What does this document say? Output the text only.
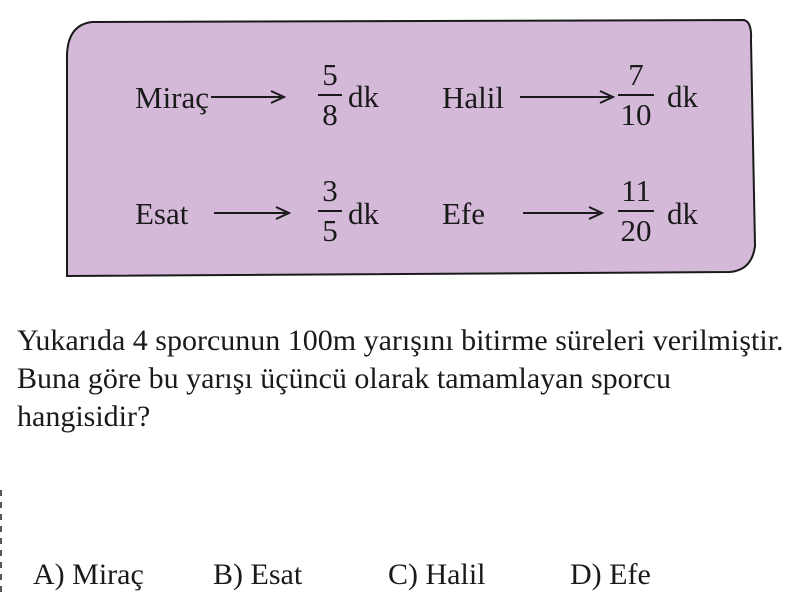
Miraç
5
8
dk Halil
7
10
dk
Esat
3
5 dk Efe
11
20 dk

Yukarıda 4 sporcunun 100m yarışını bitirme süreleri verilmiştir.

Buna göre bu yarışı üçüncü olarak tamamlayan sporcu hangisidir?

A) Miraç B) Esat	C) Halil	D) Efe
